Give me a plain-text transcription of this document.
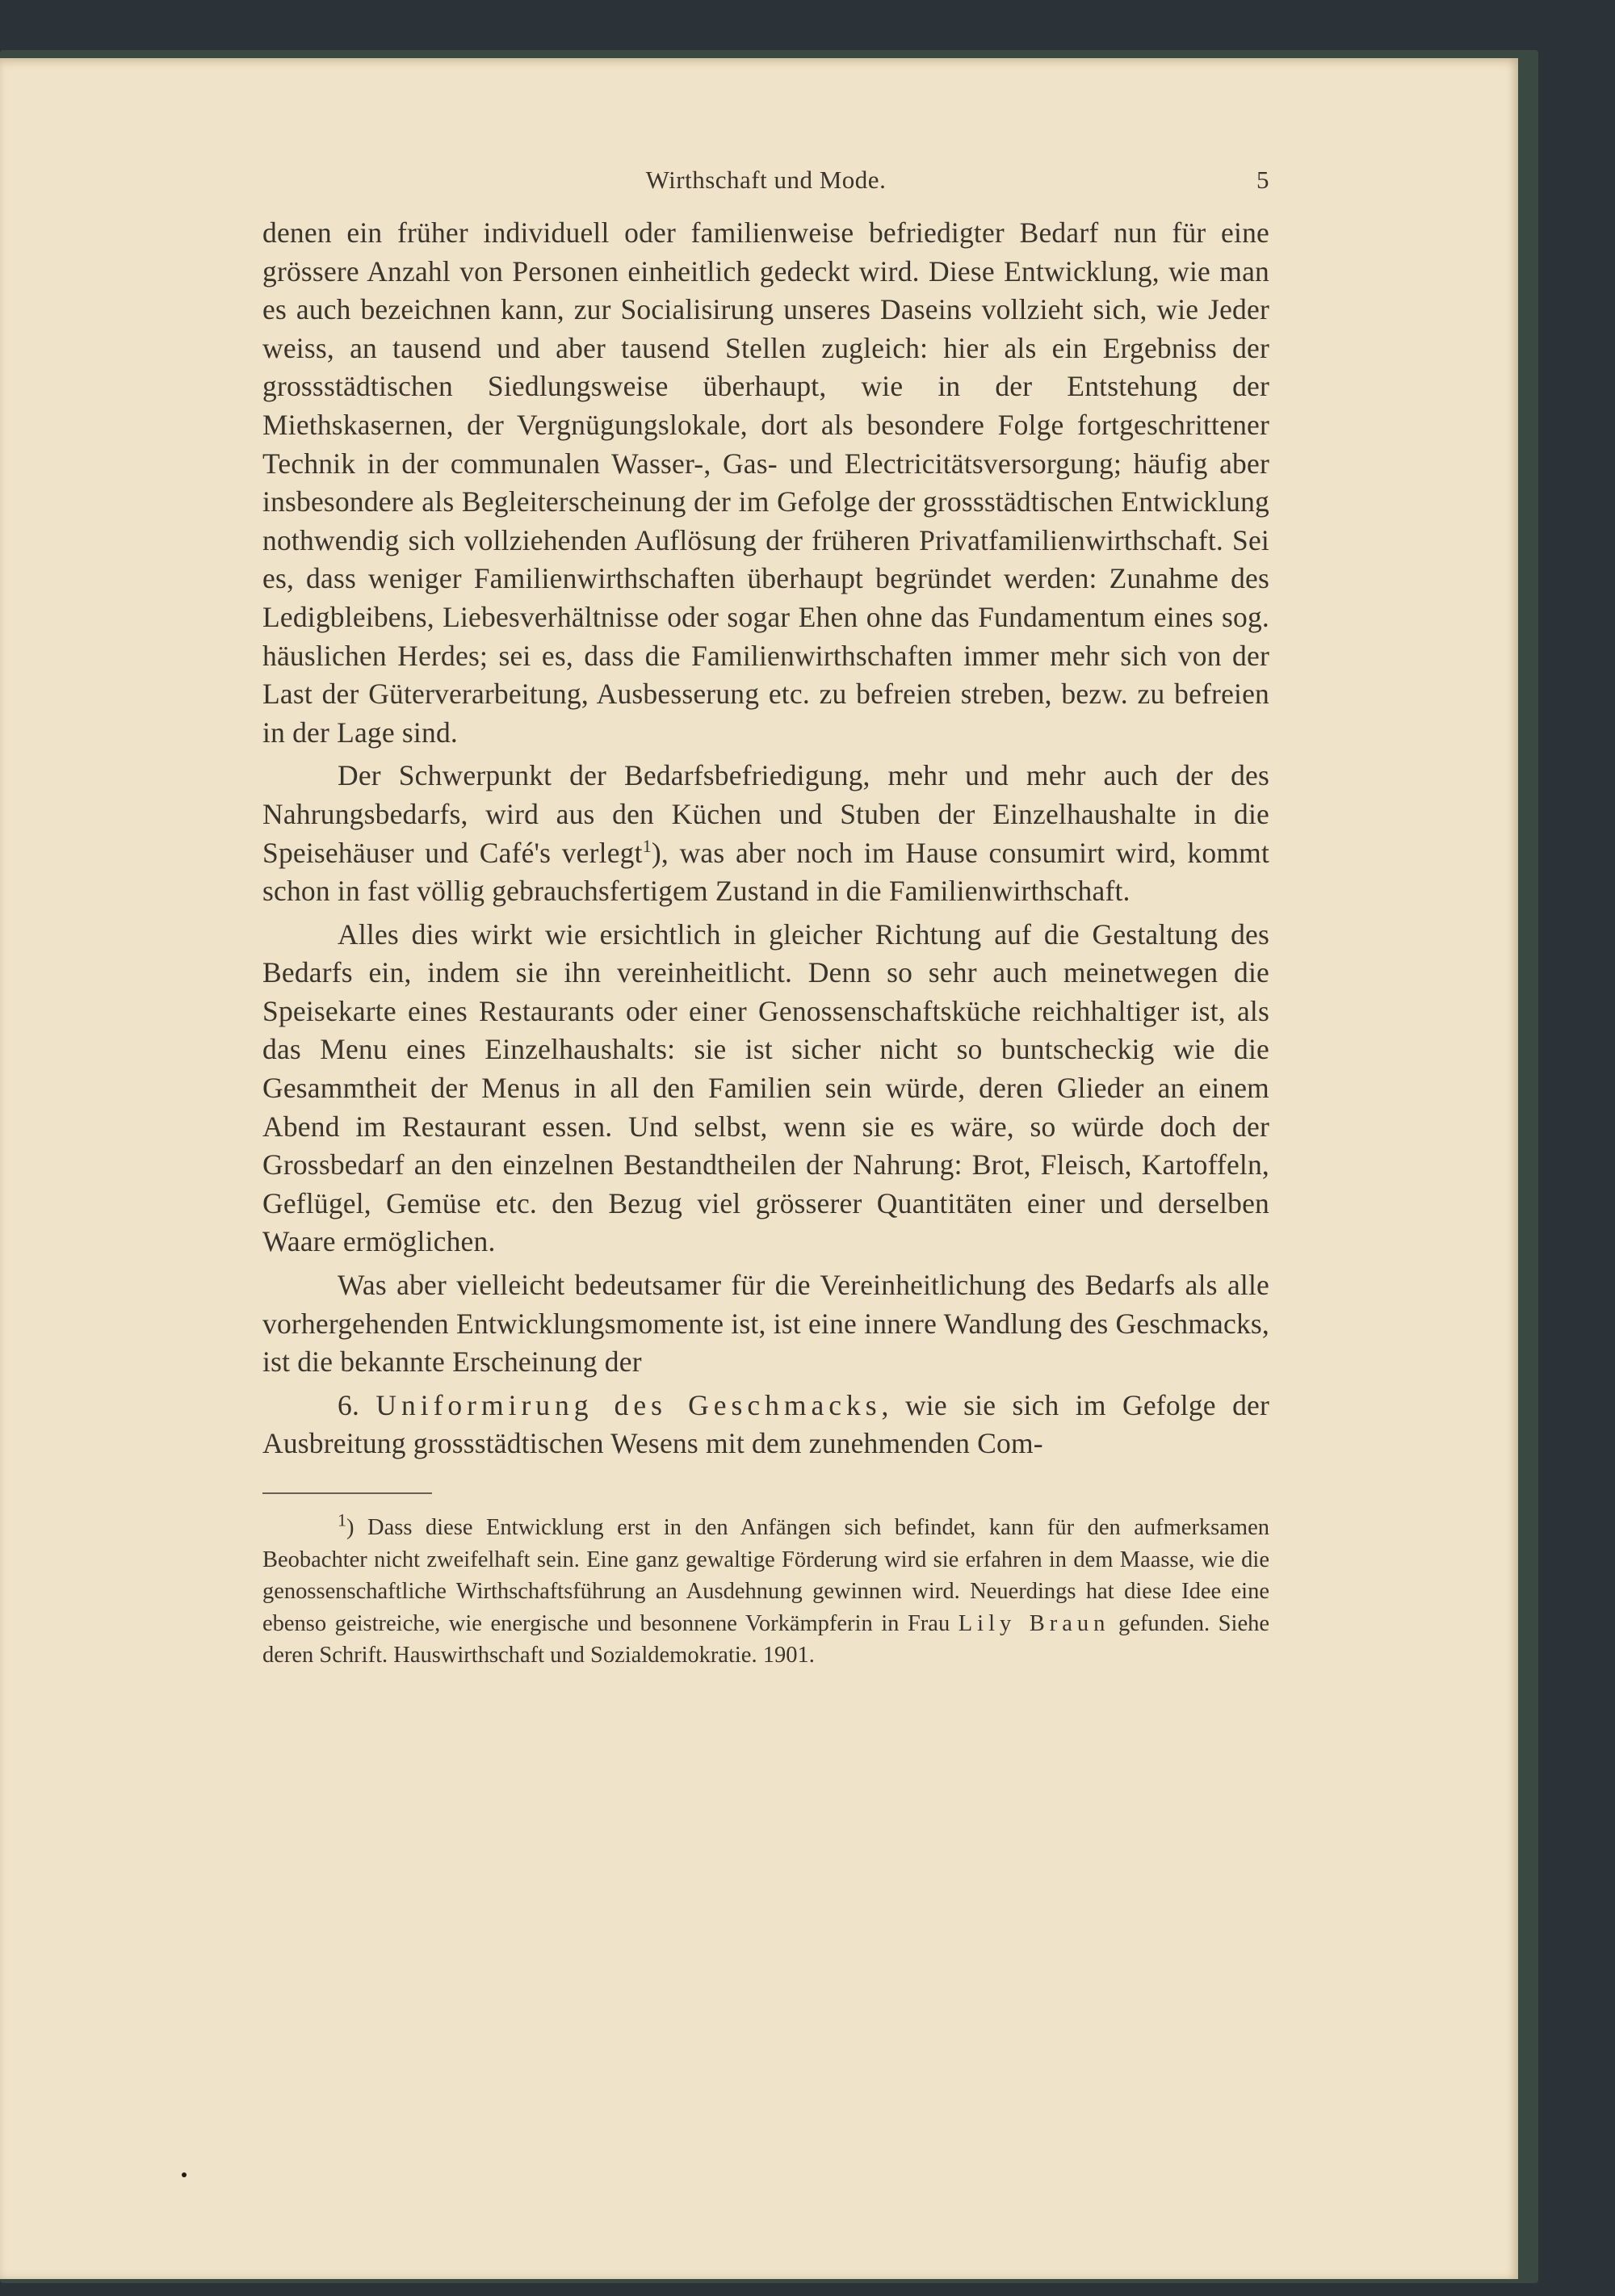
Wirthschaft und Mode.	5

denen ein früher individuell oder familienweise befriedigter Bedarf nun für eine grössere Anzahl von Personen einheitlich gedeckt wird. Diese Entwicklung, wie man es auch bezeichnen kann, zur Socialisirung unseres Daseins vollzieht sich, wie Jeder weiss, an tausend und aber tausend Stellen zugleich: hier als ein Ergebniss der grossstädtischen Siedlungsweise überhaupt, wie in der Entstehung der Miethskasernen, der Vergnügungslokale, dort als besondere Folge fortgeschrittener Technik in der communalen Wasser-, Gas- und Electricitätsversorgung; häufig aber insbesondere als Begleiterscheinung der im Gefolge der grossstädtischen Entwicklung nothwendig sich vollziehenden Auflösung der früheren Privatfamilienwirthschaft. Sei es, dass weniger Familienwirthschaften überhaupt begründet werden: Zunahme des Ledigbleibens, Liebesverhältnisse oder sogar Ehen ohne das Fundamentum eines sog. häuslichen Herdes; sei es, dass die Familienwirthschaften immer mehr sich von der Last der Güterverarbeitung, Ausbesserung etc. zu befreien streben, bezw. zu befreien in der Lage sind.

Der Schwerpunkt der Bedarfsbefriedigung, mehr und mehr auch der des Nahrungsbedarfs, wird aus den Küchen und Stuben der Einzelhaushalte in die Speisehäuser und Café's verlegt$^1$), was aber noch im Hause consumirt wird, kommt schon in fast völlig gebrauchsfertigem Zustand in die Familienwirthschaft.

Alles dies wirkt wie ersichtlich in gleicher Richtung auf die Gestaltung des Bedarfs ein, indem sie ihn vereinheitlicht. Denn so sehr auch meinetwegen die Speisekarte eines Restaurants oder einer Genossenschaftsküche reichhaltiger ist, als das Menu eines Einzelhaushalts: sie ist sicher nicht so buntscheckig wie die Gesammtheit der Menus in all den Familien sein würde, deren Glieder an einem Abend im Restaurant essen. Und selbst, wenn sie es wäre, so würde doch der Grossbedarf an den einzelnen Bestandtheilen der Nahrung: Brot, Fleisch, Kartoffeln, Geflügel, Gemüse etc. den Bezug viel grösserer Quantitäten einer und derselben Waare ermöglichen.

Was aber vielleicht bedeutsamer für die Vereinheitlichung des Bedarfs als alle vorhergehenden Entwicklungsmomente ist, ist eine innere Wandlung des Geschmacks, ist die bekannte Erscheinung der

6. Uniformirung des Geschmacks, wie sie sich im Gefolge der Ausbreitung grossstädtischen Wesens mit dem zunehmenden Com-

$^1$) Dass diese Entwicklung erst in den Anfängen sich befindet, kann für den aufmerksamen Beobachter nicht zweifelhaft sein. Eine ganz gewaltige Förderung wird sie erfahren in dem Maasse, wie die genossenschaftliche Wirthschaftsführung an Ausdehnung gewinnen wird. Neuerdings hat diese Idee eine ebenso geistreiche, wie energische und besonnene Vorkämpferin in Frau Lily Braun gefunden. Siehe deren Schrift. Hauswirthschaft und Sozialdemokratie. 1901.
